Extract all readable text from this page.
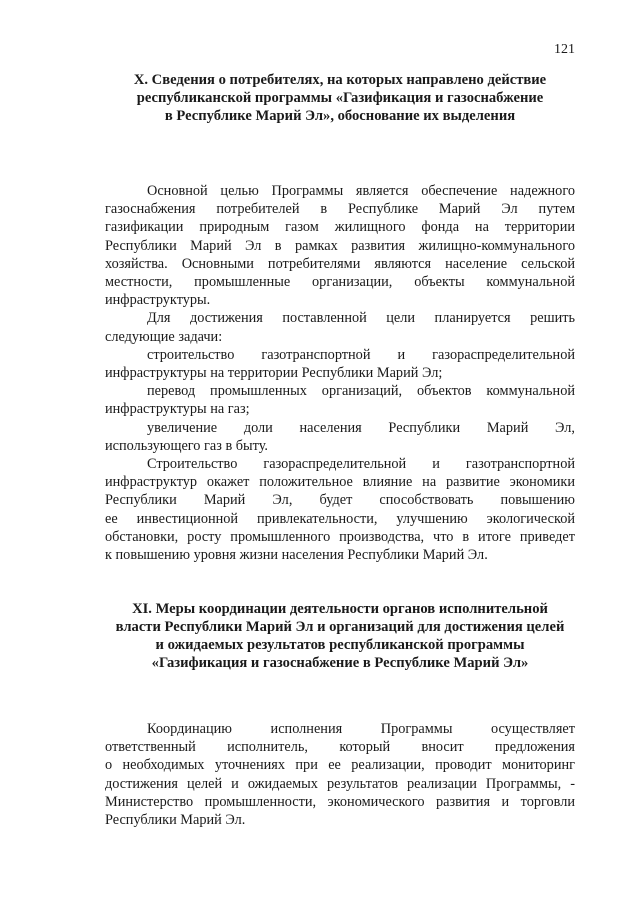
121
X. Сведения о потребителях, на которых направлено действие
республиканской программы «Газификация и газоснабжение
в Республике Марий Эл», обоснование их выделения
Основной целью Программы является обеспечение надежного
газоснабжения потребителей в Республике Марий Эл путем
газификации природным газом жилищного фонда на территории
Республики Марий Эл в рамках развития жилищно-коммунального
хозяйства. Основными потребителями являются население сельской
местности, промышленные организации, объекты коммунальной
инфраструктуры.
Для достижения поставленной цели планируется решить
следующие задачи:
строительство газотранспортной и газораспределительной
инфраструктуры на территории Республики Марий Эл;
перевод промышленных организаций, объектов коммунальной
инфраструктуры на газ;
увеличение доли населения Республики Марий Эл,
использующего газ в быту.
Строительство газораспределительной и газотранспортной
инфраструктур окажет положительное влияние на развитие экономики
Республики Марий Эл, будет способствовать повышению
ее инвестиционной привлекательности, улучшению экологической
обстановки, росту промышленного производства, что в итоге приведет
к повышению уровня жизни населения Республики Марий Эл.
XI. Меры координации деятельности органов исполнительной
власти Республики Марий Эл и организаций для достижения целей
и ожидаемых результатов республиканской программы
«Газификация и газоснабжение в Республике Марий Эл»
Координацию исполнения Программы осуществляет
ответственный исполнитель, который вносит предложения
о необходимых уточнениях при ее реализации, проводит мониторинг
достижения целей и ожидаемых результатов реализации Программы, -
Министерство промышленности, экономического развития и торговли
Республики Марий Эл.
